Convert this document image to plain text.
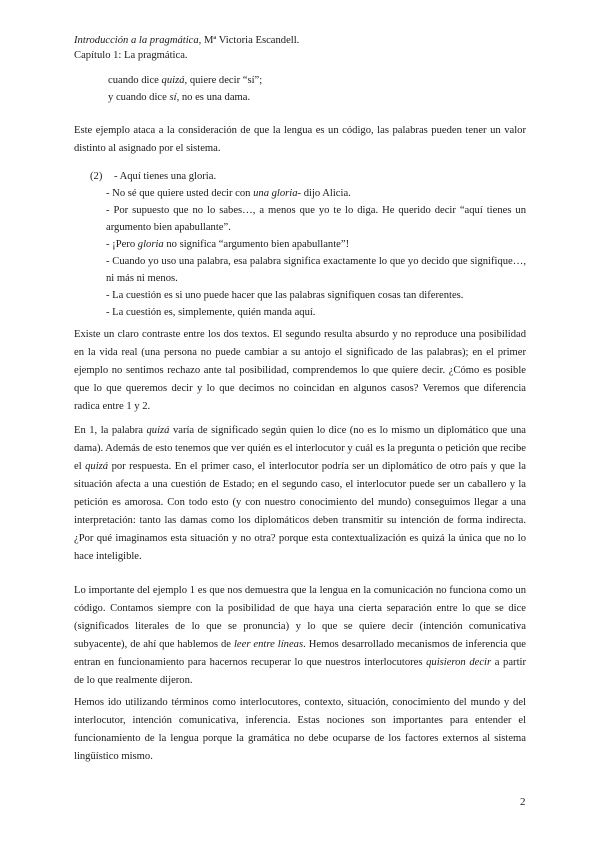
Introducción a la pragmática, Mª Victoria Escandell.
Capítulo 1: La pragmática.
cuando dice quizá, quiere decir “sí”;
y cuando dice sí, no es una dama.

Este ejemplo ataca a la consideración de que la lengua es un código, las palabras pueden tener un valor distinto al asignado por el sistema.

(2) - Aquí tienes una gloria.
- No sé que quiere usted decir con una gloria- dijo Alicia.
- Por supuesto que no lo sabes…, a menos que yo te lo diga. He querido decir “aquí tienes un argumento bien apabullante”.
- ¡Pero gloria no significa “argumento bien apabullante”!
- Cuando yo uso una palabra, esa palabra significa exactamente lo que yo decido que signifique…, ni más ni menos.
- La cuestión es si uno puede hacer que las palabras signifiquen cosas tan diferentes.
- La cuestión es, simplemente, quién manda aquí.

Existe un claro contraste entre los dos textos. El segundo resulta absurdo y no reproduce una posibilidad en la vida real (una persona no puede cambiar a su antojo el significado de las palabras); en el primer ejemplo no sentimos rechazo ante tal posibilidad, comprendemos lo que quiere decir. ¿Cómo es posible que lo que queremos decir y lo que decimos no coincidan en algunos casos? Veremos que diferencia radica entre 1 y 2.

En 1, la palabra quizá varía de significado según quien lo dice (no es lo mismo un diplomático que una dama). Además de esto tenemos que ver quién es el interlocutor y cuál es la pregunta o petición que recibe el quizá por respuesta. En el primer caso, el interlocutor podría ser un diplomático de otro país y que la situación afecta a una cuestión de Estado; en el segundo caso, el interlocutor puede ser un caballero y la petición es amorosa. Con todo esto (y con nuestro conocimiento del mundo) conseguimos llegar a una interpretación: tanto las damas como los diplomáticos deben transmitir su intención de forma indirecta. ¿Por qué imaginamos esta situación y no otra? porque esta contextualización es quizá la única que no lo hace inteligible.

Lo importante del ejemplo 1 es que nos demuestra que la lengua en la comunicación no funciona como un código. Contamos siempre con la posibilidad de que haya una cierta separación entre lo que se dice (significados literales de lo que se pronuncia) y lo que se quiere decir (intención comunicativa subyacente), de ahí que hablemos de leer entre líneas. Hemos desarrollado mecanismos de inferencia que entran en funcionamiento para hacernos recuperar lo que nuestros interlocutores quisieron decir a partir de lo que realmente dijeron.

Hemos ido utilizando términos como interlocutores, contexto, situación, conocimiento del mundo y del interlocutor, intención comunicativa, inferencia. Estas nociones son importantes para entender el funcionamiento de la lengua porque la gramática no debe ocuparse de los factores externos al sistema lingüístico mismo.

2
